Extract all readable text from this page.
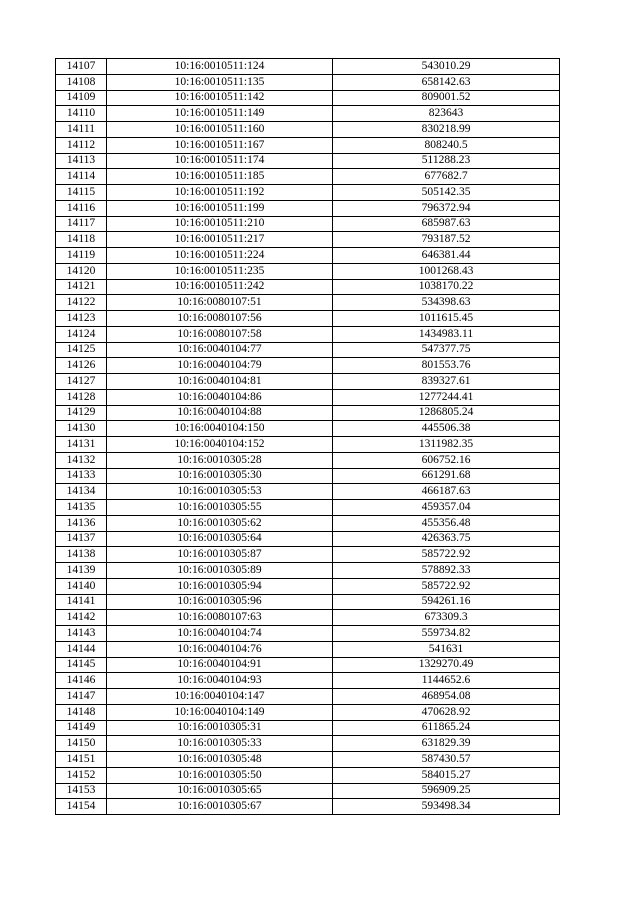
14107	10:16:0010511:124	543010.29
14108	10:16:0010511:135	658142.63
14109	10:16:0010511:142	809001.52
14110	10:16:0010511:149	823643
14111	10:16:0010511:160	830218.99
14112	10:16:0010511:167	808240.5
14113	10:16:0010511:174	511288.23
14114	10:16:0010511:185	677682.7
14115	10:16:0010511:192	505142.35
14116	10:16:0010511:199	796372.94
14117	10:16:0010511:210	685987.63
14118	10:16:0010511:217	793187.52
14119	10:16:0010511:224	646381.44
14120	10:16:0010511:235	1001268.43
14121	10:16:0010511:242	1038170.22
14122	10:16:0080107:51	534398.63
14123	10:16:0080107:56	1011615.45
14124	10:16:0080107:58	1434983.11
14125	10:16:0040104:77	547377.75
14126	10:16:0040104:79	801553.76
14127	10:16:0040104:81	839327.61
14128	10:16:0040104:86	1277244.41
14129	10:16:0040104:88	1286805.24
14130	10:16:0040104:150	445506.38
14131	10:16:0040104:152	1311982.35
14132	10:16:0010305:28	606752.16
14133	10:16:0010305:30	661291.68
14134	10:16:0010305:53	466187.63
14135	10:16:0010305:55	459357.04
14136	10:16:0010305:62	455356.48
14137	10:16:0010305:64	426363.75
14138	10:16:0010305:87	585722.92
14139	10:16:0010305:89	578892.33
14140	10:16:0010305:94	585722.92
14141	10:16:0010305:96	594261.16
14142	10:16:0080107:63	673309.3
14143	10:16:0040104:74	559734.82
14144	10:16:0040104:76	541631
14145	10:16:0040104:91	1329270.49
14146	10:16:0040104:93	1144652.6
14147	10:16:0040104:147	468954.08
14148	10:16:0040104:149	470628.92
14149	10:16:0010305:31	611865.24
14150	10:16:0010305:33	631829.39
14151	10:16:0010305:48	587430.57
14152	10:16:0010305:50	584015.27
14153	10:16:0010305:65	596909.25
14154	10:16:0010305:67	593498.34
